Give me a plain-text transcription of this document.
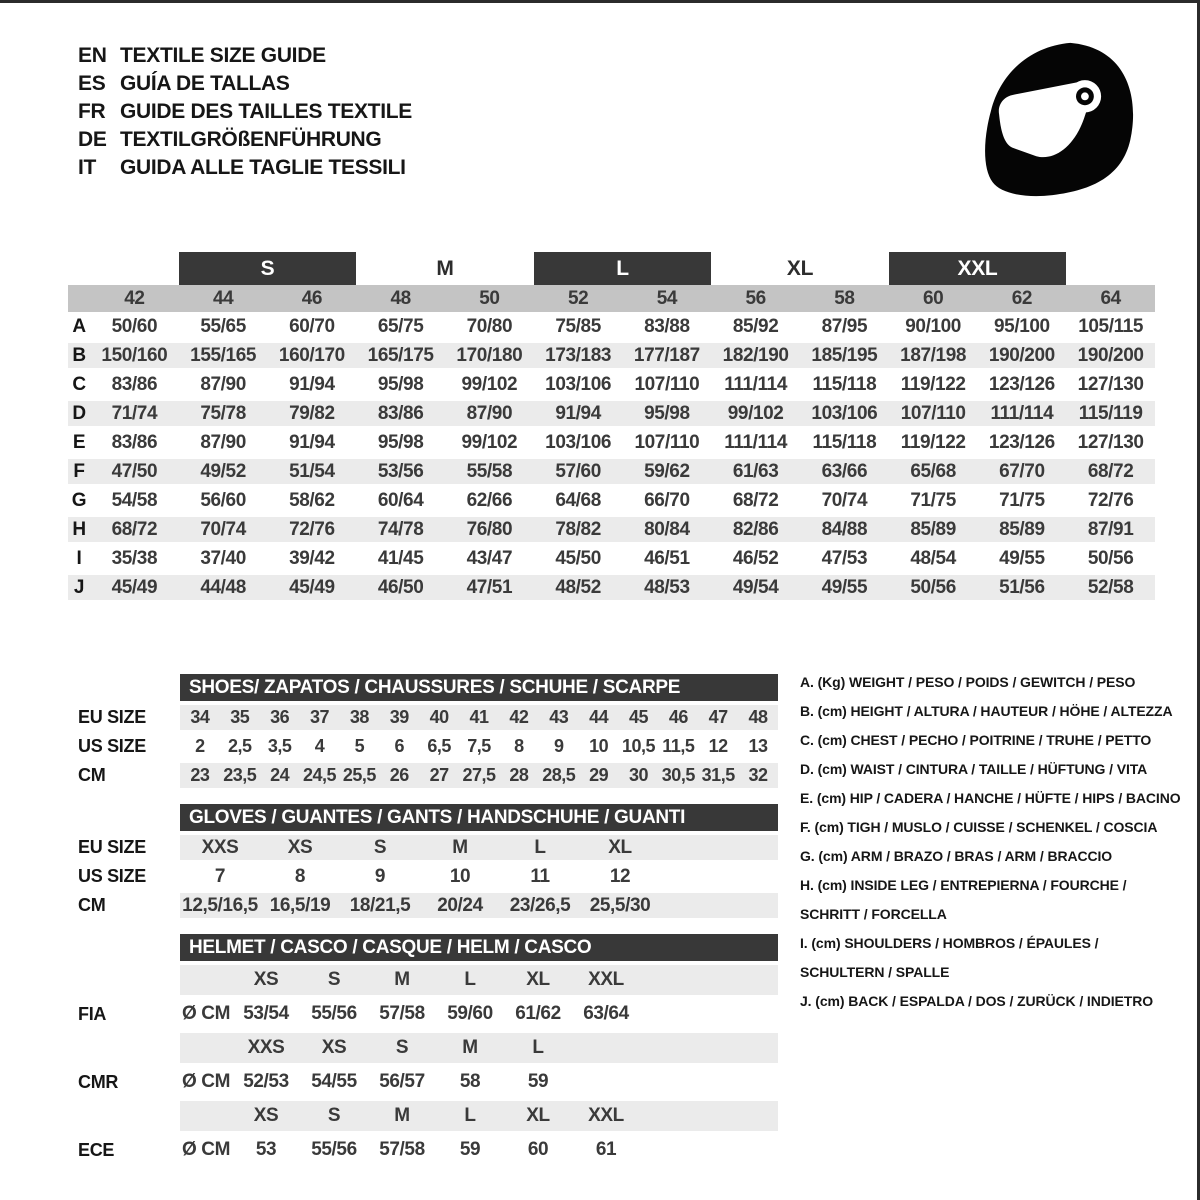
EN TEXTILE SIZE GUIDE
ES GUÍA DE TALLAS
FR GUIDE DES TAILLES TEXTILE
DE TEXTILGRÖßENFÜHRUNG
IT	GUIDA ALLE TAGLIE TESSILI
S	M	L	XL	XXL
42	44	46	48	50	52	54	56	58	60	62	64
A	50/60	55/65	60/70	65/75	70/80	75/85	83/88	85/92	87/95	90/100	95/100	105/115
B 150/160	155/165	160/170	165/175	170/180	173/183	177/187	182/190	185/195	187/198	190/200	190/200
C	83/86	87/90	91/94	95/98	99/102	103/106	107/110	111/114	115/118	119/122	123/126	127/130
D	71/74	75/78	79/82	83/86	87/90	91/94	95/98	99/102	103/106	107/110	111/114	115/119
E	83/86	87/90	91/94	95/98	99/102	103/106	107/110	111/114	115/118	119/122	123/126	127/130
F	47/50	49/52	51/54	53/56	55/58	57/60	59/62	61/63	63/66	65/68	67/70	68/72
G	54/58	56/60	58/62	60/64	62/66	64/68	66/70	68/72	70/74	71/75	71/75	72/76
H	68/72	70/74	72/76	74/78	76/80	78/82	80/84	82/86	84/88	85/89	85/89	87/91
I	35/38	37/40	39/42	41/45	43/47	45/50	46/51	46/52	47/53	48/54	49/55	50/56
J	45/49	44/48	45/49	46/50	47/51	48/52	48/53	49/54	49/55	50/56	51/56	52/58
SHOES/ ZAPATOS / CHAUSSURES / SCHUHE / SCARPE
EU SIZE	34	35	36	37	38	39	40	41	42	43	44	45	46	47	48
US SIZE	2	2,5 3,5	4	5	6	6,5 7,5	8	9	10 10,5 11,5 12	13
CM	23 23,5 24 24,5 25,5 26	27 27,5 28 28,5 29	30 30,5 31,5 32
GLOVES / GUANTES / GANTS / HANDSCHUHE / GUANTI
EU SIZE	XXS	XS	S	M	L	XL
US SIZE	7	8	9	10	11	12
CM	12,5/16,5 16,5/19	18/21,5	20/24	23/26,5	25,5/30
HELMET / CASCO / CASQUE / HELM / CASCO
XS	S	M	L	XL	XXL
FIA	Ø CM 53/54	55/56	57/58	59/60	61/62	63/64
XXS	XS	S	M	L
CMR	Ø CM 52/53	54/55	56/57	58	59
XS	S	M	L	XL	XXL
ECE	Ø CM	53	55/56	57/58	59	60	61
A. (Kg) WEIGHT / PESO / POIDS / GEWITCH / PESO
B. (cm) HEIGHT / ALTURA / HAUTEUR / HÖHE / ALTEZZA
C. (cm) CHEST / PECHO / POITRINE / TRUHE / PETTO
D. (cm) WAIST / CINTURA / TAILLE / HÜFTUNG / VITA
E. (cm) HIP / CADERA / HANCHE / HÜFTE / HIPS / BACINO
F. (cm) TIGH / MUSLO / CUISSE / SCHENKEL / COSCIA
G. (cm) ARM / BRAZO / BRAS / ARM / BRACCIO
H. (cm) INSIDE LEG / ENTREPIERNA / FOURCHE /
SCHRITT / FORCELLA
I. (cm) SHOULDERS / HOMBROS / ÉPAULES /
SCHULTERN / SPALLE
J. (cm) BACK / ESPALDA / DOS / ZURÜCK / INDIETRO
